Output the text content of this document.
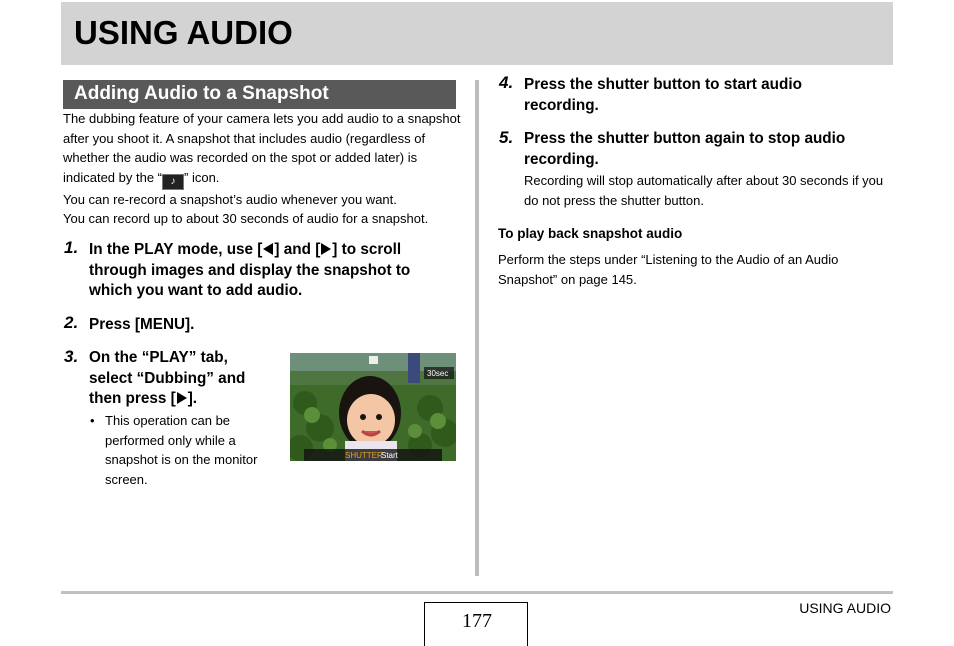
USING AUDIO
Adding Audio to a Snapshot

The dubbing feature of your camera lets you add audio to a snapshot after you shoot it. A snapshot that includes audio (regardless of whether the audio was recorded on the spot or added later) is indicated by the “ ♪ ” icon.

You can re-record a snapshot’s audio whenever you want.

You can record up to about 30 seconds of audio for a snapshot.

1. In the PLAY mode, use [ ] and [ ] to scroll through images and display the snapshot to which you want to add audio.
2. Press [MENU].
3. On the “PLAY” tab,
select “Dubbing” and
then press [ ].
• This operation can be performed only while a snapshot is on the monitor screen.
30sec
SHUTTER
Start
4. Press the shutter button to start audio recording.
5. Press the shutter button again to stop audio recording.
Recording will stop automatically after about 30 seconds if you do not press the shutter button.
To play back snapshot audio
Perform the steps under “Listening to the Audio of an Audio Snapshot” on page 145.
177
USING AUDIO
